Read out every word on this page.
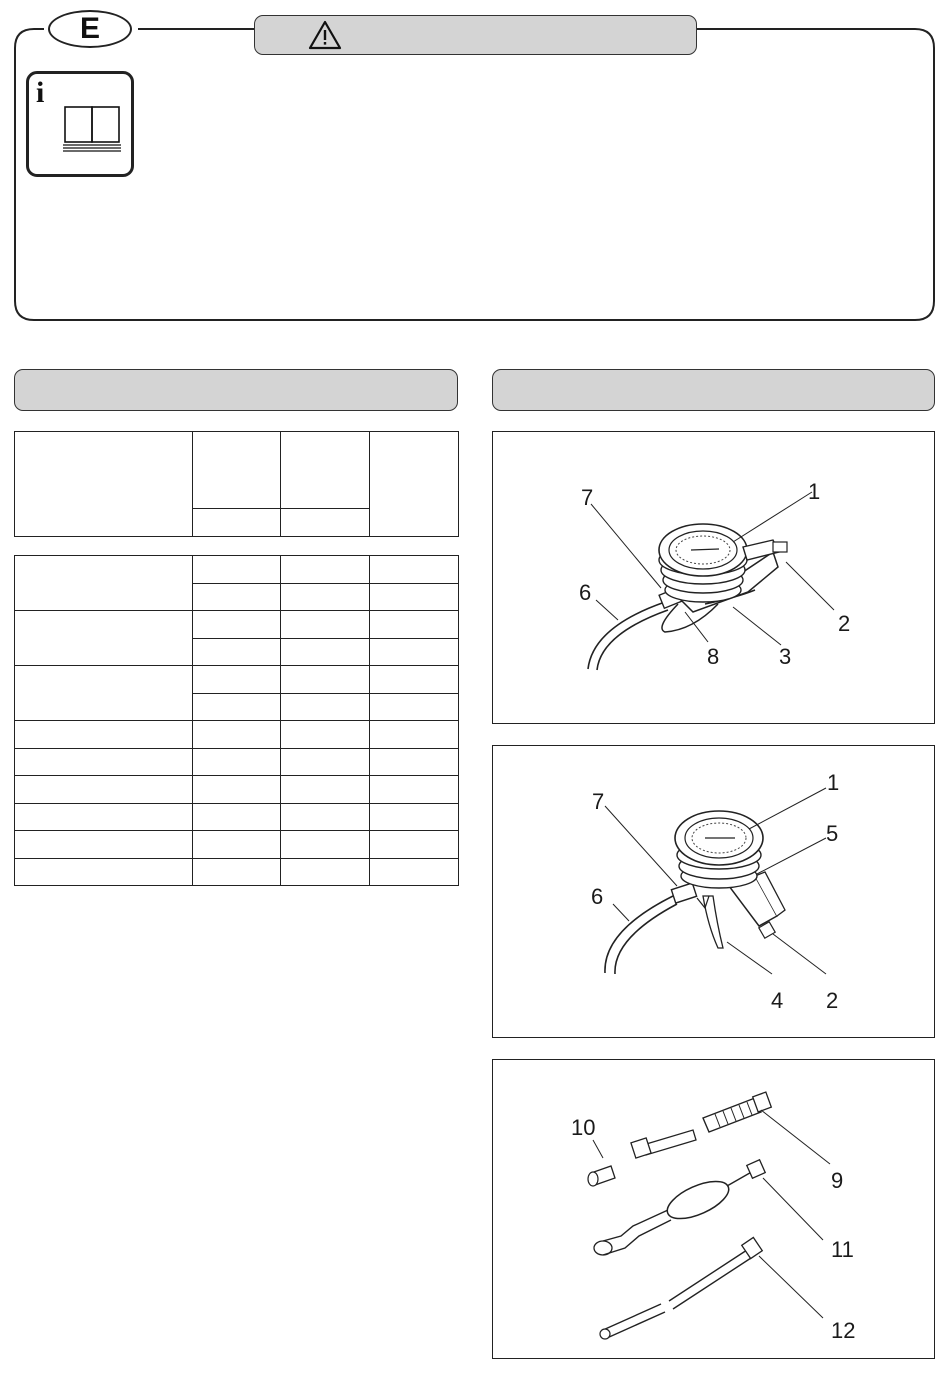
E
i

1
2
3
6
7
8
1
2
4
5
6
7
9
10
11
12
